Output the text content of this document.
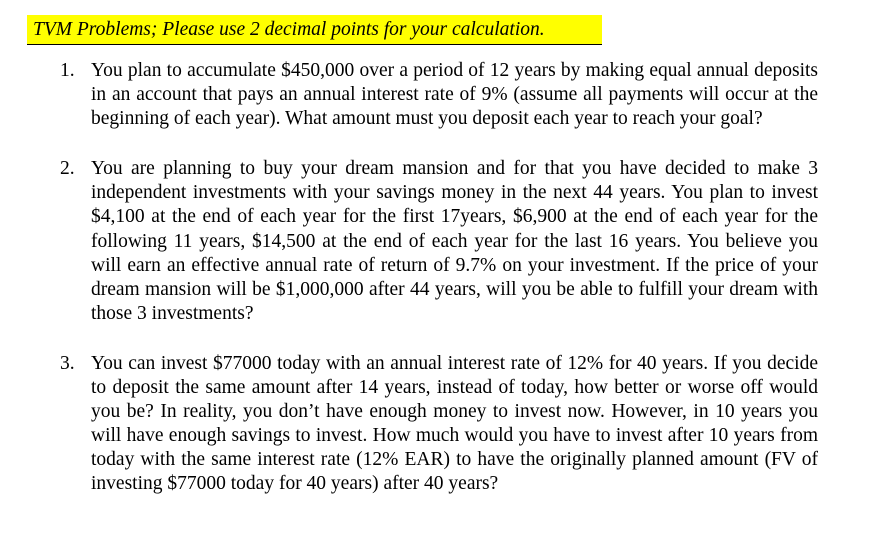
TVM Problems; Please use 2 decimal points for your calculation.
1. You plan to accumulate $450,000 over a period of 12 years by making equal annual deposits in an account that pays an annual interest rate of 9% (assume all payments will occur at the beginning of each year). What amount must you deposit each year to reach your goal?
2. You are planning to buy your dream mansion and for that you have decided to make 3 independent investments with your savings money in the next 44 years. You plan to invest $4,100 at the end of each year for the first 17years, $6,900 at the end of each year for the following 11 years, $14,500 at the end of each year for the last 16 years. You believe you will earn an effective annual rate of return of 9.7% on your investment. If the price of your dream mansion will be $1,000,000 after 44 years, will you be able to fulfill your dream with those 3 investments?
3. You can invest $77000 today with an annual interest rate of 12% for 40 years. If you decide to deposit the same amount after 14 years, instead of today, how better or worse off would you be? In reality, you don’t have enough money to invest now. However, in 10 years you will have enough savings to invest. How much would you have to invest after 10 years from today with the same interest rate (12% EAR) to have the originally planned amount (FV of investing $77000 today for 40 years) after 40 years?
